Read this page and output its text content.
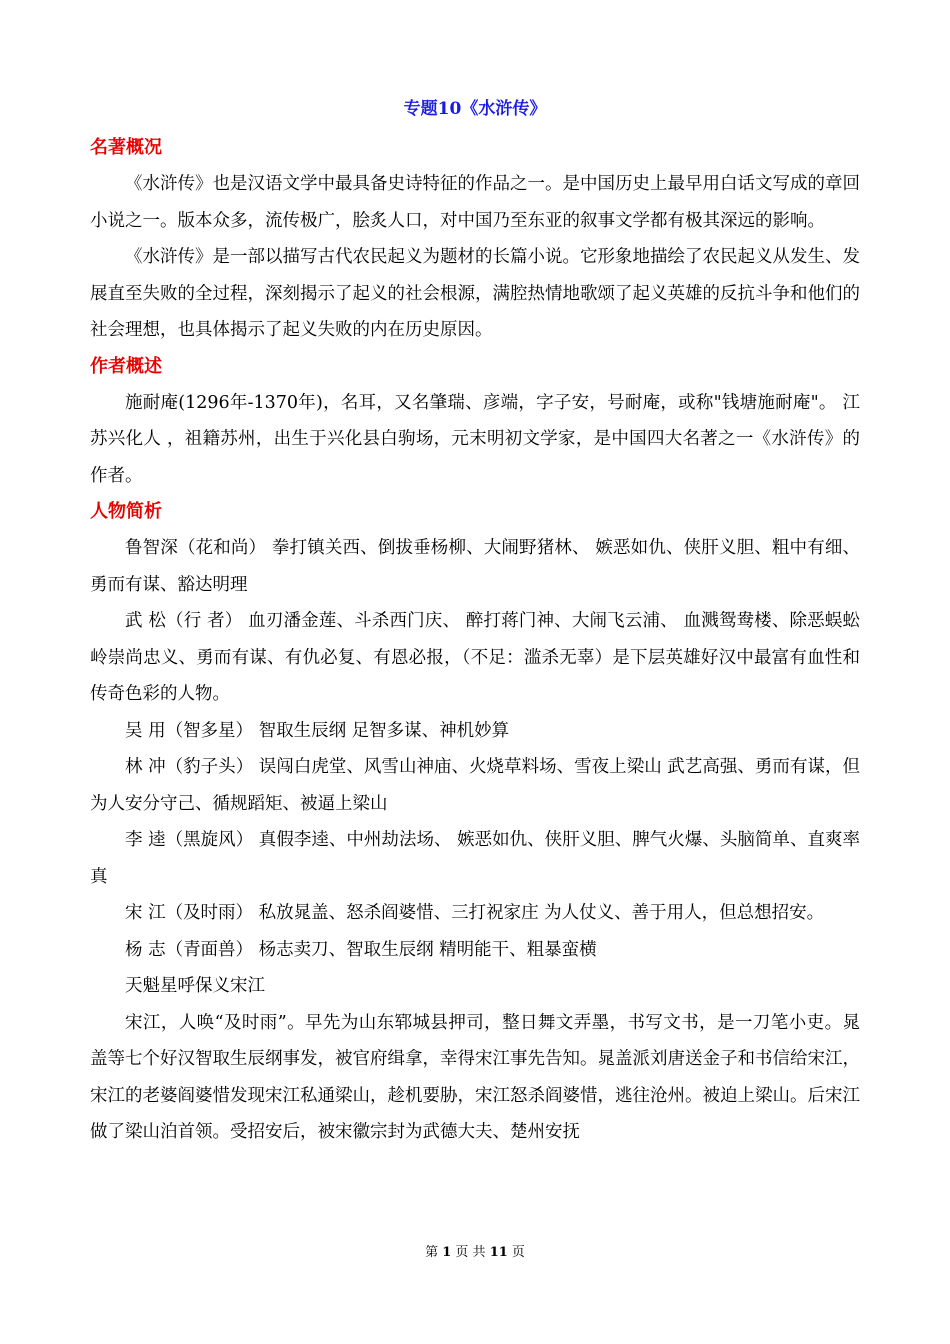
专题10《水浒传》
名著概况

《水浒传》也是汉语文学中最具备史诗特征的作品之一。是中国历史上最早用白话文写成的章回小说之一。版本众多，流传极广，脍炙人口，对中国乃至东亚的叙事文学都有极其深远的影响。

《水浒传》是一部以描写古代农民起义为题材的长篇小说。它形象地描绘了农民起义从发生、发展直至失败的全过程，深刻揭示了起义的社会根源，满腔热情地歌颂了起义英雄的反抗斗争和他们的社会理想，也具体揭示了起义失败的内在历史原因。

作者概述

施耐庵(1296年-1370年)，名耳，又名肇瑞、彦端，字子安，号耐庵，或称"钱塘施耐庵"。 江苏兴化人 ，祖籍苏州，出生于兴化县白驹场，元末明初文学家，是中国四大名著之一《水浒传》的作者。

人物简析

鲁智深（花和尚） 拳打镇关西、倒拔垂杨柳、大闹野猪林、 嫉恶如仇、侠肝义胆、粗中有细、勇而有谋、豁达明理

武 松（行 者） 血刃潘金莲、斗杀西门庆、 醉打蒋门神、大闹飞云浦、 血溅鸳鸯楼、除恶蜈蚣岭崇尚忠义、勇而有谋、有仇必复、有恩必报，（不足：滥杀无辜）是下层英雄好汉中最富有血性和传奇色彩的人物。

吴 用（智多星） 智取生辰纲 足智多谋、神机妙算

林 冲（豹子头） 误闯白虎堂、风雪山神庙、火烧草料场、雪夜上梁山 武艺高强、勇而有谋，但为人安分守己、循规蹈矩、被逼上梁山

李 逵（黑旋风） 真假李逵、中州劫法场、 嫉恶如仇、侠肝义胆、脾气火爆、头脑简单、直爽率真

宋 江（及时雨） 私放晁盖、怒杀阎婆惜、三打祝家庄 为人仗义、善于用人，但总想招安。

杨 志（青面兽） 杨志卖刀、智取生辰纲 精明能干、粗暴蛮横

天魁星呼保义宋江

宋江，人唤“及时雨”。早先为山东郓城县押司，整日舞文弄墨，书写文书，是一刀笔小吏。晁盖等七个好汉智取生辰纲事发，被官府缉拿，幸得宋江事先告知。晁盖派刘唐送金子和书信给宋江，宋江的老婆阎婆惜发现宋江私通梁山，趁机要胁，宋江怒杀阎婆惜，逃往沧州。被迫上梁山。后宋江做了梁山泊首领。受招安后，被宋徽宗封为武德大夫、楚州安抚

第 1 页 共 11 页
